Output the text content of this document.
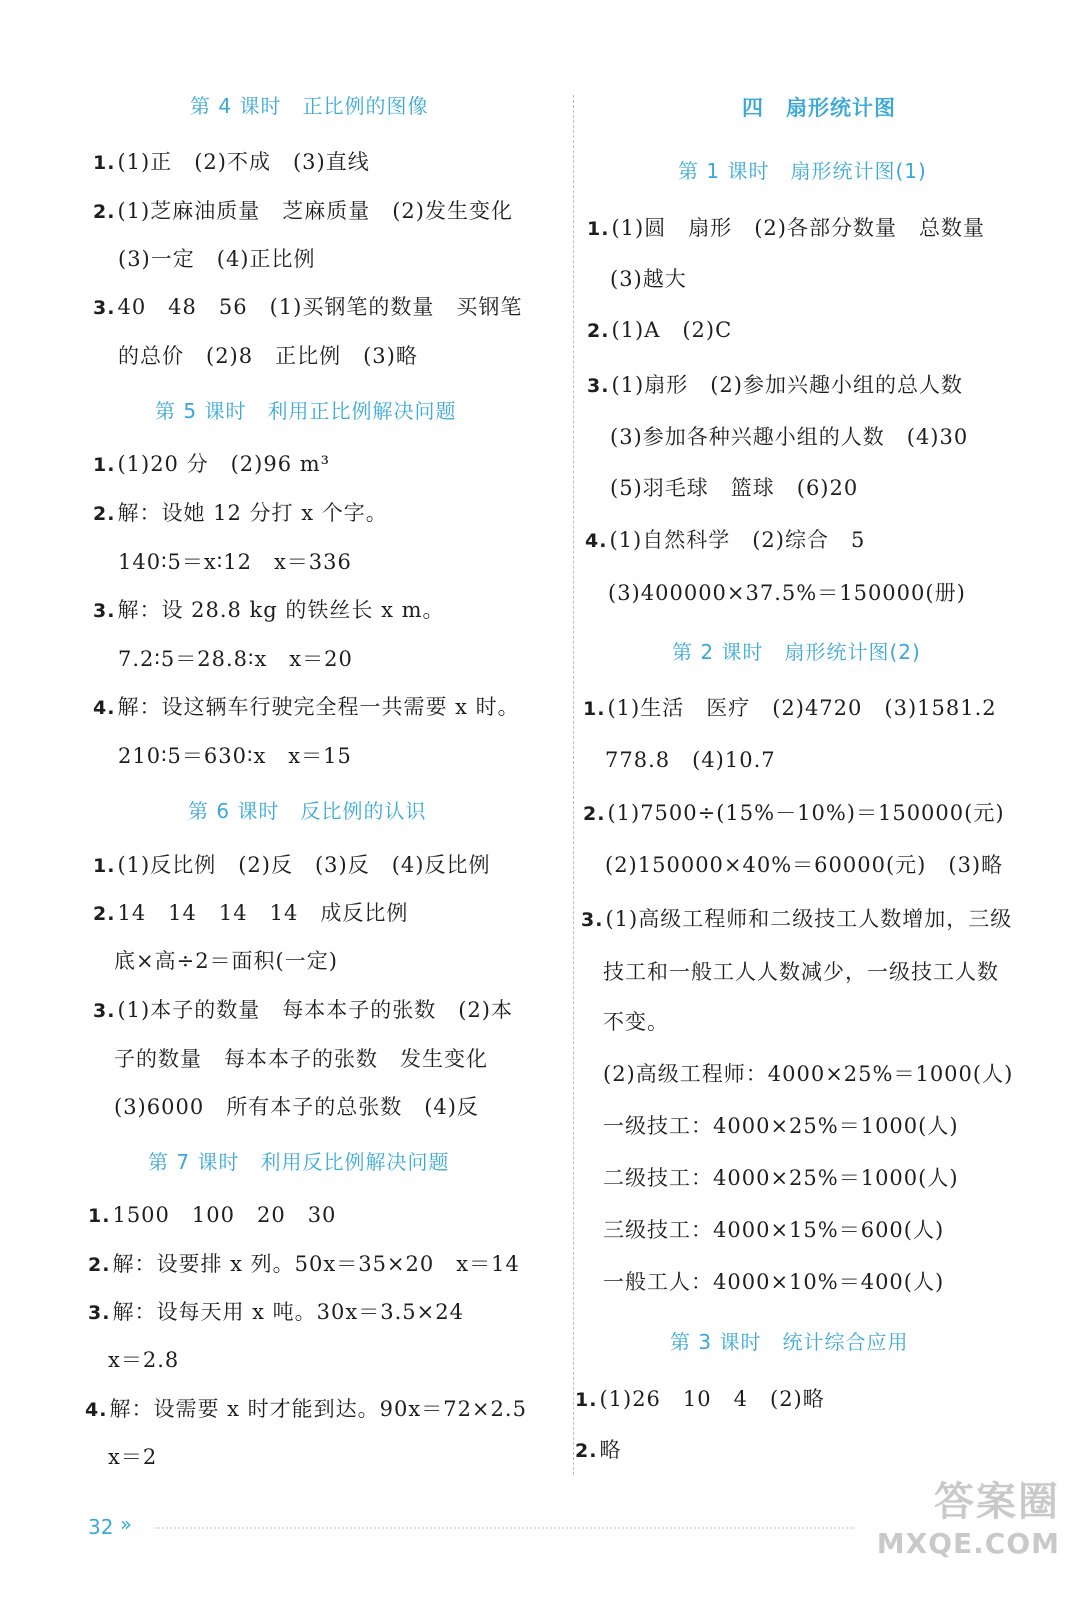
第 4 课时　正比例的图像
1.(1)正　(2)不成　(3)直线
2.(1)芝麻油质量　芝麻质量　(2)发生变化
(3)一定　(4)正比例
3.40　48　56　(1)买钢笔的数量　买钢笔
的总价　(2)8　正比例　(3)略
第 5 课时　利用正比例解决问题
1.(1)20 分　(2)96 m³
2.解：设她 12 分打 x 个字。
140∶5＝x∶12　x＝336
3.解：设 28.8 kg 的铁丝长 x m。
7.2∶5＝28.8∶x　x＝20
4.解：设这辆车行驶完全程一共需要 x 时。
210∶5＝630∶x　x＝15
第 6 课时　反比例的认识
1.(1)反比例　(2)反　(3)反　(4)反比例
2.14　14　14　14　成反比例
底×高÷2＝面积(一定)
3.(1)本子的数量　每本本子的张数　(2)本
子的数量　每本本子的张数　发生变化
(3)6000　所有本子的总张数　(4)反
第 7 课时　利用反比例解决问题
1.1500　100　20　30
2.解：设要排 x 列。50x＝35×20　x＝14
3.解：设每天用 x 吨。30x＝3.5×24
x＝2.8
4.解：设需要 x 时才能到达。90x＝72×2.5
x＝2
四　扇形统计图
第 1 课时　扇形统计图(1)
1.(1)圆　扇形　(2)各部分数量　总数量
(3)越大
2.(1)A　(2)C
3.(1)扇形　(2)参加兴趣小组的总人数
(3)参加各种兴趣小组的人数　(4)30
(5)羽毛球　篮球　(6)20
4.(1)自然科学　(2)综合　5
(3)400000×37.5%＝150000(册)
第 2 课时　扇形统计图(2)
1.(1)生活　医疗　(2)4720　(3)1581.2
778.8　(4)10.7
2.(1)7500÷(15%－10%)＝150000(元)
(2)150000×40%＝60000(元)　(3)略
3.(1)高级工程师和二级技工人数增加，三级
技工和一般工人人数减少，一级技工人数
不变。
(2)高级工程师：4000×25%＝1000(人)
一级技工：4000×25%＝1000(人)
二级技工：4000×25%＝1000(人)
三级技工：4000×15%＝600(人)
一般工人：4000×10%＝400(人)
第 3 课时　统计综合应用
1.(1)26　10　4　(2)略
2.略
32 ››	答案圈
MXQE.COM
